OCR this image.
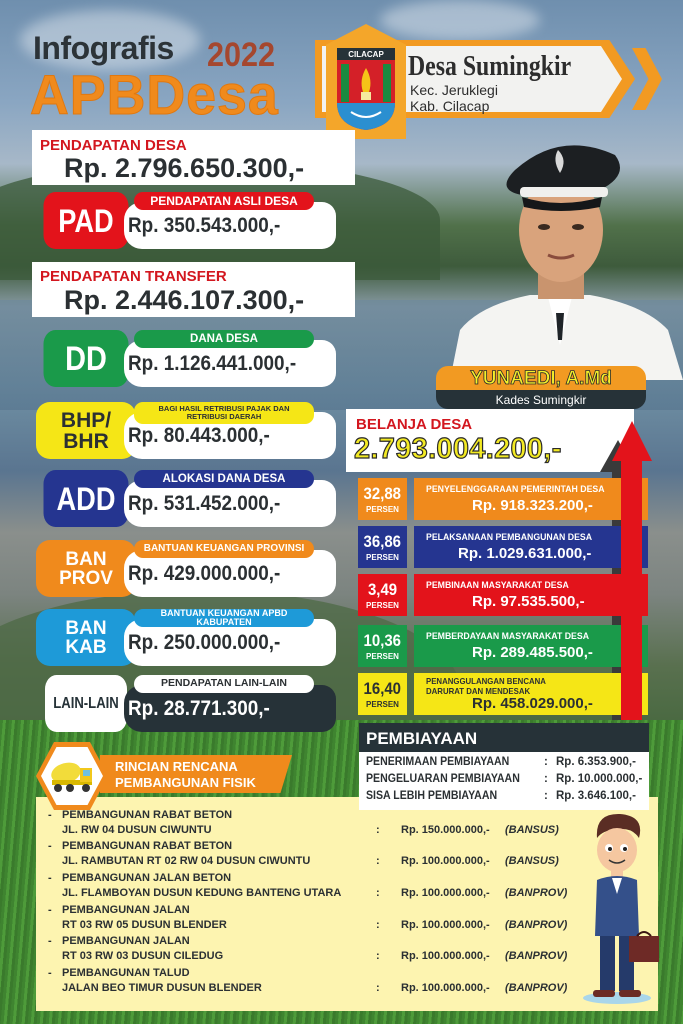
Infografis 2022
APBDesa
CILACAP Desa Sumingkir
Kec. Jeruklegi
Kab. Cilacap
PENDAPATAN DESA
Rp. 2.796.650.300,-
PAD
PENDAPATAN ASLI DESA
Rp. 350.543.000,-
PENDAPATAN TRANSFER
Rp. 2.446.107.300,-
DD
DANA DESA
Rp. 1.126.441.000,-
BHP/
BHR
BAGI HASIL RETRIBUSI PAJAK DAN RETRIBUSI DAERAH
Rp. 80.443.000,-
ADD
ALOKASI DANA DESA
Rp. 531.452.000,-
BAN
PROV
BANTUAN KEUANGAN PROVINSI
Rp. 429.000.000,-
BAN
KAB
BANTUAN KEUANGAN APBD KABUPATEN
Rp. 250.000.000,-
LAIN-LAIN
PENDAPATAN LAIN-LAIN
Rp. 28.771.300,-
YUNAEDI, A.Md
Kades Sumingkir
BELANJA DESA
2.793.004.200,-
32,88
PERSEN
PENYELENGGARAAN PEMERINTAH DESA
Rp. 918.323.200,-
36,86
PERSEN
PELAKSANAAN PEMBANGUNAN DESA
Rp. 1.029.631.000,-
3,49
PERSEN
PEMBINAAN MASYARAKAT DESA
Rp. 97.535.500,-
10,36
PERSEN
PEMBERDAYAAN MASYARAKAT DESA
Rp. 289.485.500,-
16,40
PERSEN
PENANGGULANGAN BENCANA DARURAT DAN MENDESAK
Rp. 458.029.000,-
PEMBIAYAAN
PENERIMAAN PEMBIAYAAN	: Rp. 6.353.900,-
PENGELUARAN PEMBIAYAAN : Rp. 10.000.000,-
SISA LEBIH PEMBIAYAAN	: Rp. 3.646.100,-
RINCIAN RENCANA
PEMBANGUNAN FISIK
- PEMBANGUNAN RABAT BETON
JL. RW 04 DUSUN CIWUNTU	: Rp. 150.000.000,- (BANSUS)
- PEMBANGUNAN RABAT BETON
JL. RAMBUTAN RT 02 RW 04 DUSUN CIWUNTU	: Rp. 100.000.000,- (BANSUS)
- PEMBANGUNAN JALAN BETON
JL. FLAMBOYAN DUSUN KEDUNG BANTENG UTARA	: Rp. 100.000.000,- (BANPROV)
- PEMBANGUNAN JALAN
RT 03 RW 05 DUSUN BLENDER	: Rp. 100.000.000,- (BANPROV)
- PEMBANGUNAN JALAN
RT 03 RW 03 DUSUN CILEDUG	: Rp. 100.000.000,- (BANPROV)
- PEMBANGUNAN TALUD
JALAN BEO TIMUR DUSUN BLENDER	: Rp. 100.000.000,- (BANPROV)
